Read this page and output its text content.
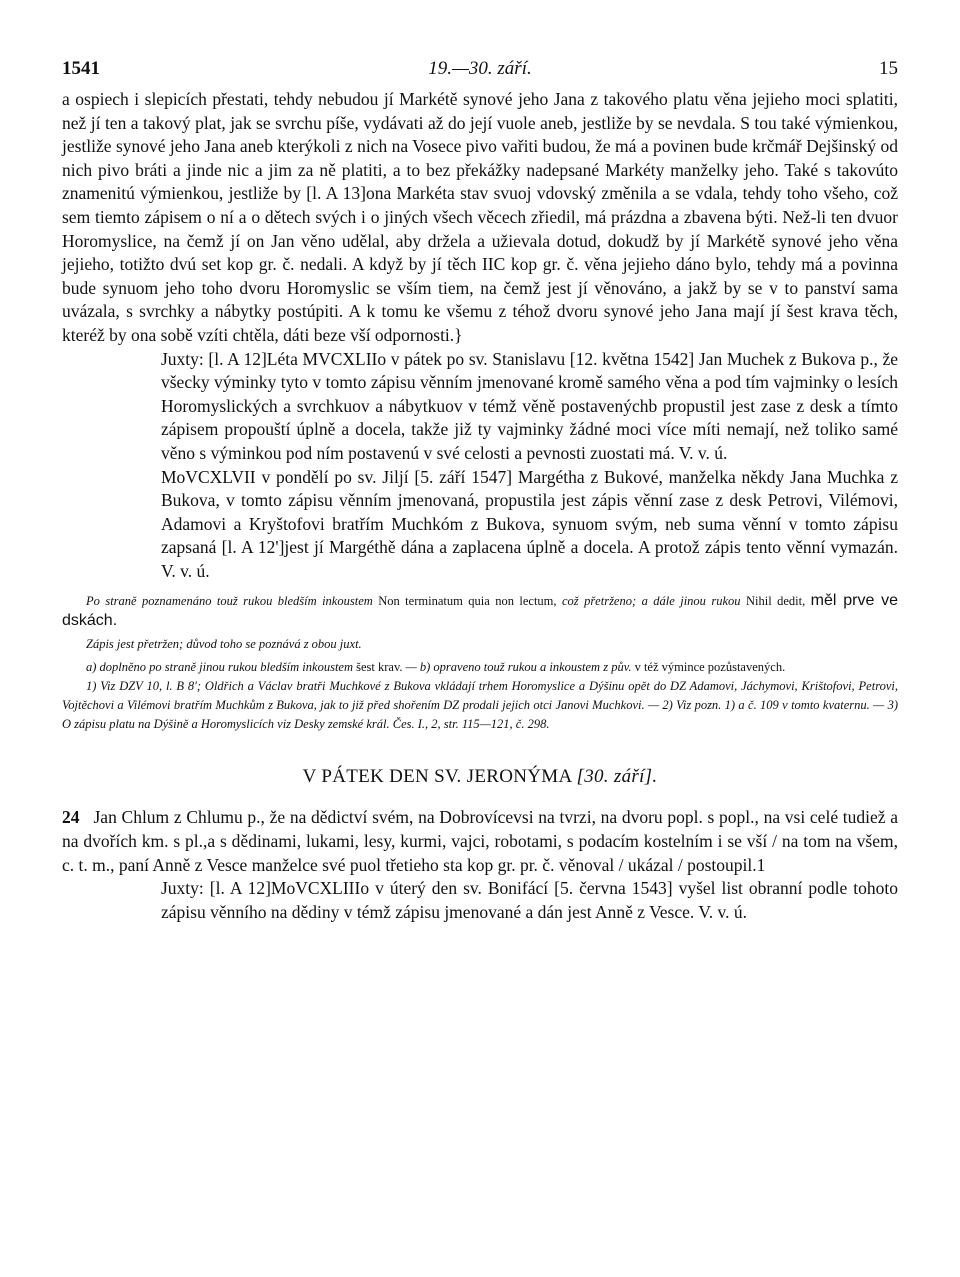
1541	19.—30. září.	15

a ospiech i slepicích přestati, tehdy nebudou jí Markétě synové jeho Jana z takového platu věna jejieho moci splatiti, než jí ten a takový plat, jak se svrchu píše, vydávati až do její vuole aneb, jestliže by se nevdala. S tou také výmienkou, jestliže synové jeho Jana aneb kterýkoli z nich na Vosece pivo vařiti budou, že má a povinen bude krčmář Dejšinský od nich pivo bráti a jinde nic a jim za ně platiti, a to bez překážky nadepsané Markéty manželky jeho. Také s takovúto znamenitú výmienkou, jestliže by [l. A 13]ona Markéta stav svuoj vdovský změnila a se vdala, tehdy toho všeho, což sem tiemto zápisem o ní a o dětech svých i o jiných všech věcech zřiedil, má prázdna a zbavena býti. Než-li ten dvuor Horomyslice, na čemž jí on Jan věno udělal, aby držela a užievala dotud, dokudž by jí Markétě synové jeho věna jejieho, totižto dvú set kop gr. č. nedali. A když by jí těch IIC kop gr. č. věna jejieho dáno bylo, tehdy má a povinna bude synuom jeho toho dvoru Horomyslic se vším tiem, na čemž jest jí věnováno, a jakž by se v to panství sama uvázala, s svrchky a nábytky postúpiti. A k tomu ke všemu z téhož dvoru synové jeho Jana mají jí šest krava těch, kteréž by ona sobě vzíti chtěla, dáti beze vší odpornosti.}

Juxty: [l. A 12]Léta MVCXLIIo v pátek po sv. Stanislavu [12. května 1542] Jan Muchek z Bukova p., že všecky výminky tyto v tomto zápisu věnním jmenované kromě samého věna a pod tím vajminky o lesích Horomyslických a svrchkuov a nábytkuov v témž věně postavenýchb propustil jest zase z desk a tímto zápisem propouští úplně a docela, takže již ty vajminky žádné moci více míti nemají, než toliko samé věno s výminkou pod ním postavenú v své celosti a pevnosti zuostati má. V. v. ú.

MoVCXLVII v pondělí po sv. Jiljí [5. září 1547] Margétha z Bukové, manželka někdy Jana Muchka z Bukova, v tomto zápisu věnním jmenovaná, propustila jest zápis věnní zase z desk Petrovi, Vilémovi, Adamovi a Kryštofovi bratřím Muchkóm z Bukova, synuom svým, neb suma věnní v tomto zápisu zapsaná [l. A 12']jest jí Margéthě dána a zaplacena úplně a docela. A protož zápis tento věnní vymazán. V. v. ú.

Po straně poznamenáno touž rukou bledším inkoustem Non terminatum quia non lectum, což přetrženo; a dále jinou rukou Nihil dedit, měl prve ve dskách.

Zápis jest přetržen; důvod toho se poznává z obou juxt.

a) doplněno po straně jinou rukou bledším inkoustem šest krav. — b) opraveno touž rukou a inkoustem z pův. v též výmince pozůstavených.

1) Viz DZV 10, l. B 8'; Oldřich a Václav bratři Muchkové z Bukova vkládají trhem Horomyslice a Dýšinu opět do DZ Adamovi, Jáchymovi, Krištofovi, Petrovi, Vojtěchovi a Vilémovi bratřím Muchkům z Bukova, jak to již před shořením DZ prodali jejich otci Janovi Muchkovi. — 2) Viz pozn. 1) a č. 109 v tomto kvaternu. — 3) O zápisu platu na Dýšině a Horomyslicích viz Desky zemské král. Čes. I., 2, str. 115—121, č. 298.

V PÁTEK DEN SV. JERONÝMA [30. září].

24 Jan Chlum z Chlumu p., že na dědictví svém, na Dobrovícevsi na tvrzi, na dvoru popl. s popl., na vsi celé tudiež a na dvořích km. s pl.,a s dědinami, lukami, lesy, kurmi, vajci, robotami, s podacím kostelním i se vší / na tom na všem, c. t. m., paní Anně z Vesce manželce své puol třetieho sta kop gr. pr. č. věnoval / ukázal / postoupil.1

Juxty: [l. A 12]MoVCXLIIIo v úterý den sv. Bonifácí [5. června 1543] vyšel list obranní podle tohoto zápisu věnního na dědiny v témž zápisu jmenované a dán jest Anně z Vesce. V. v. ú.
